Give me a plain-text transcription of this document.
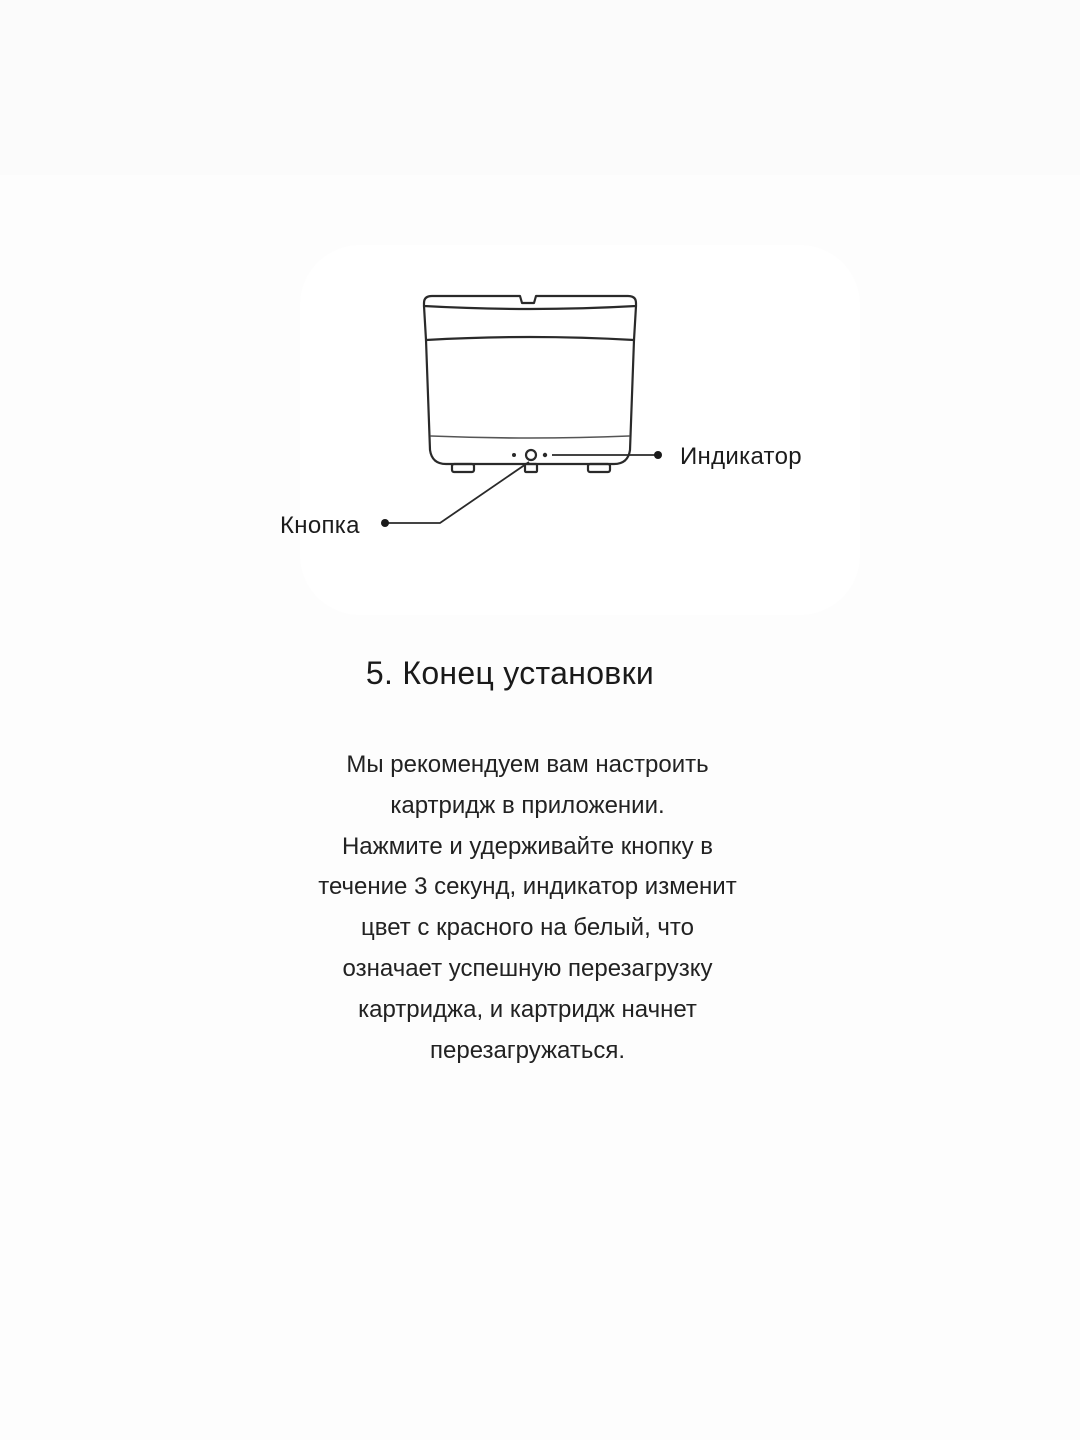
Индикатор
Кнопка
5. Конец установки

Мы рекомендуем вам настроить
картридж в приложении.
Нажмите и удерживайте кнопку в
течение 3 секунд, индикатор изменит
цвет с красного на белый, что
означает успешную перезагрузку
картриджа, и картридж начнет
перезагружаться.
